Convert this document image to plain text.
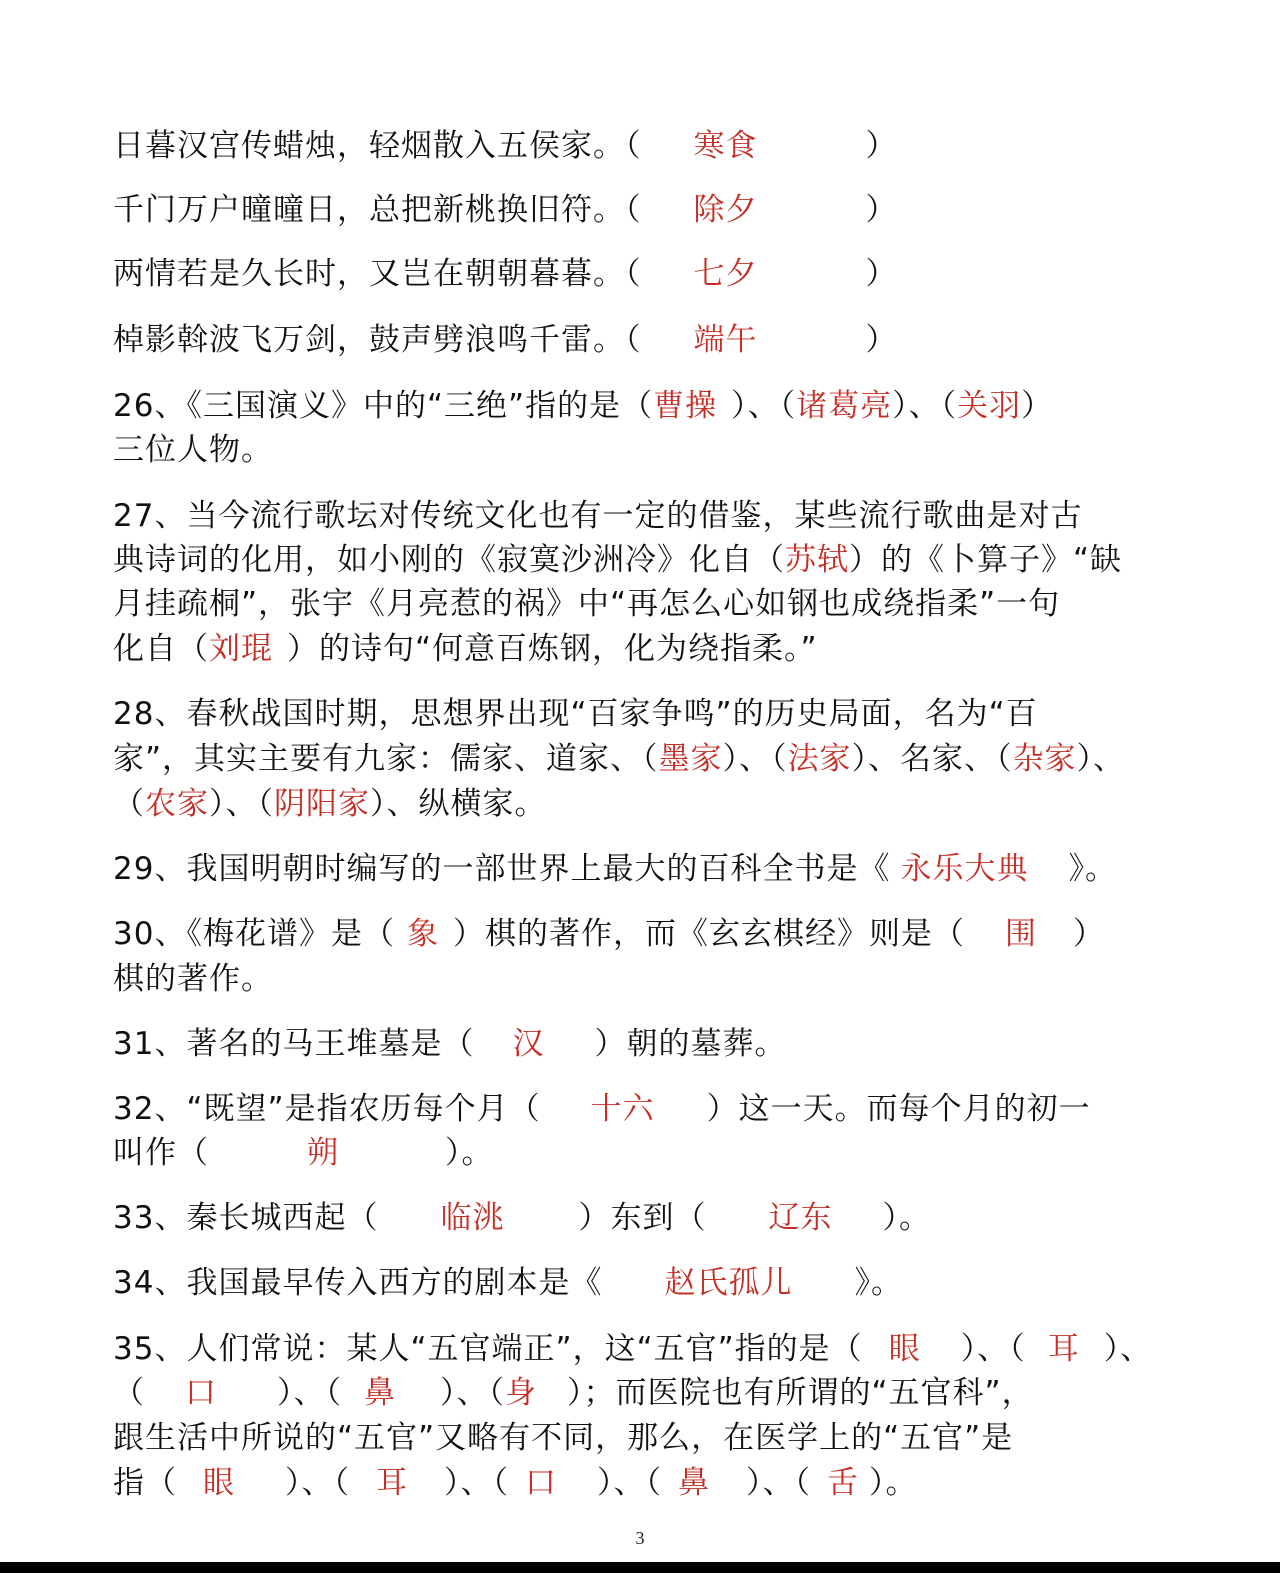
日暮汉宫传蜡烛，轻烟散入五侯家。（ 寒食	）
千门万户曈曈日，总把新桃换旧符。（ 除夕	）
两情若是久长时，又岂在朝朝暮暮。（ 七夕	）
棹影斡波飞万剑，鼓声劈浪鸣千雷。（ 端午	）
26、《三国演义》中的“三绝”指的是（曹操 ）、（诸葛亮）、（关羽）
三位人物。
27、当今流行歌坛对传统文化也有一定的借鉴，某些流行歌曲是对古
典诗词的化用，如小刚的《寂寞沙洲冷》化自（苏轼）的《卜算子》“缺
月挂疏桐”，张宇《月亮惹的祸》中“再怎么心如钢也成绕指柔”一句
化自（刘琨 ）的诗句“何意百炼钢，化为绕指柔。”
28、春秋战国时期，思想界出现“百家争鸣”的历史局面，名为“百
家”，其实主要有九家：儒家、道家、（墨家）、（法家）、名家、（杂家）、
（农家）、（阴阳家）、纵横家。
29、我国明朝时编写的一部世界上最大的百科全书是《 永乐大典 》。
30、《梅花谱》是（ 象 ）棋的著作，而《玄玄棋经》则是（ 围 ）
棋的著作。
31、著名的马王堆墓是（ 汉 ）朝的墓葬。
32、“既望”是指农历每个月（ 十六 ）这一天。而每个月的初一
叫作（	朔	）。
33、秦长城西起（ 临洮 ）东到（ 辽东 ）。
34、我国最早传入西方的剧本是《 赵氏孤儿 》。
35、人们常说：某人“五官端正”，这“五官”指的是（ 眼 ）、（ 耳 ）、
（ 口 ）、（ 鼻 ）、（身 ）；而医院也有所谓的“五官科”，
跟生活中所说的“五官”又略有不同，那么，在医学上的“五官”是
指（ 眼 ）、（ 耳 ）、（ 口 ）、（ 鼻 ）、（ 舌 ）。
3
